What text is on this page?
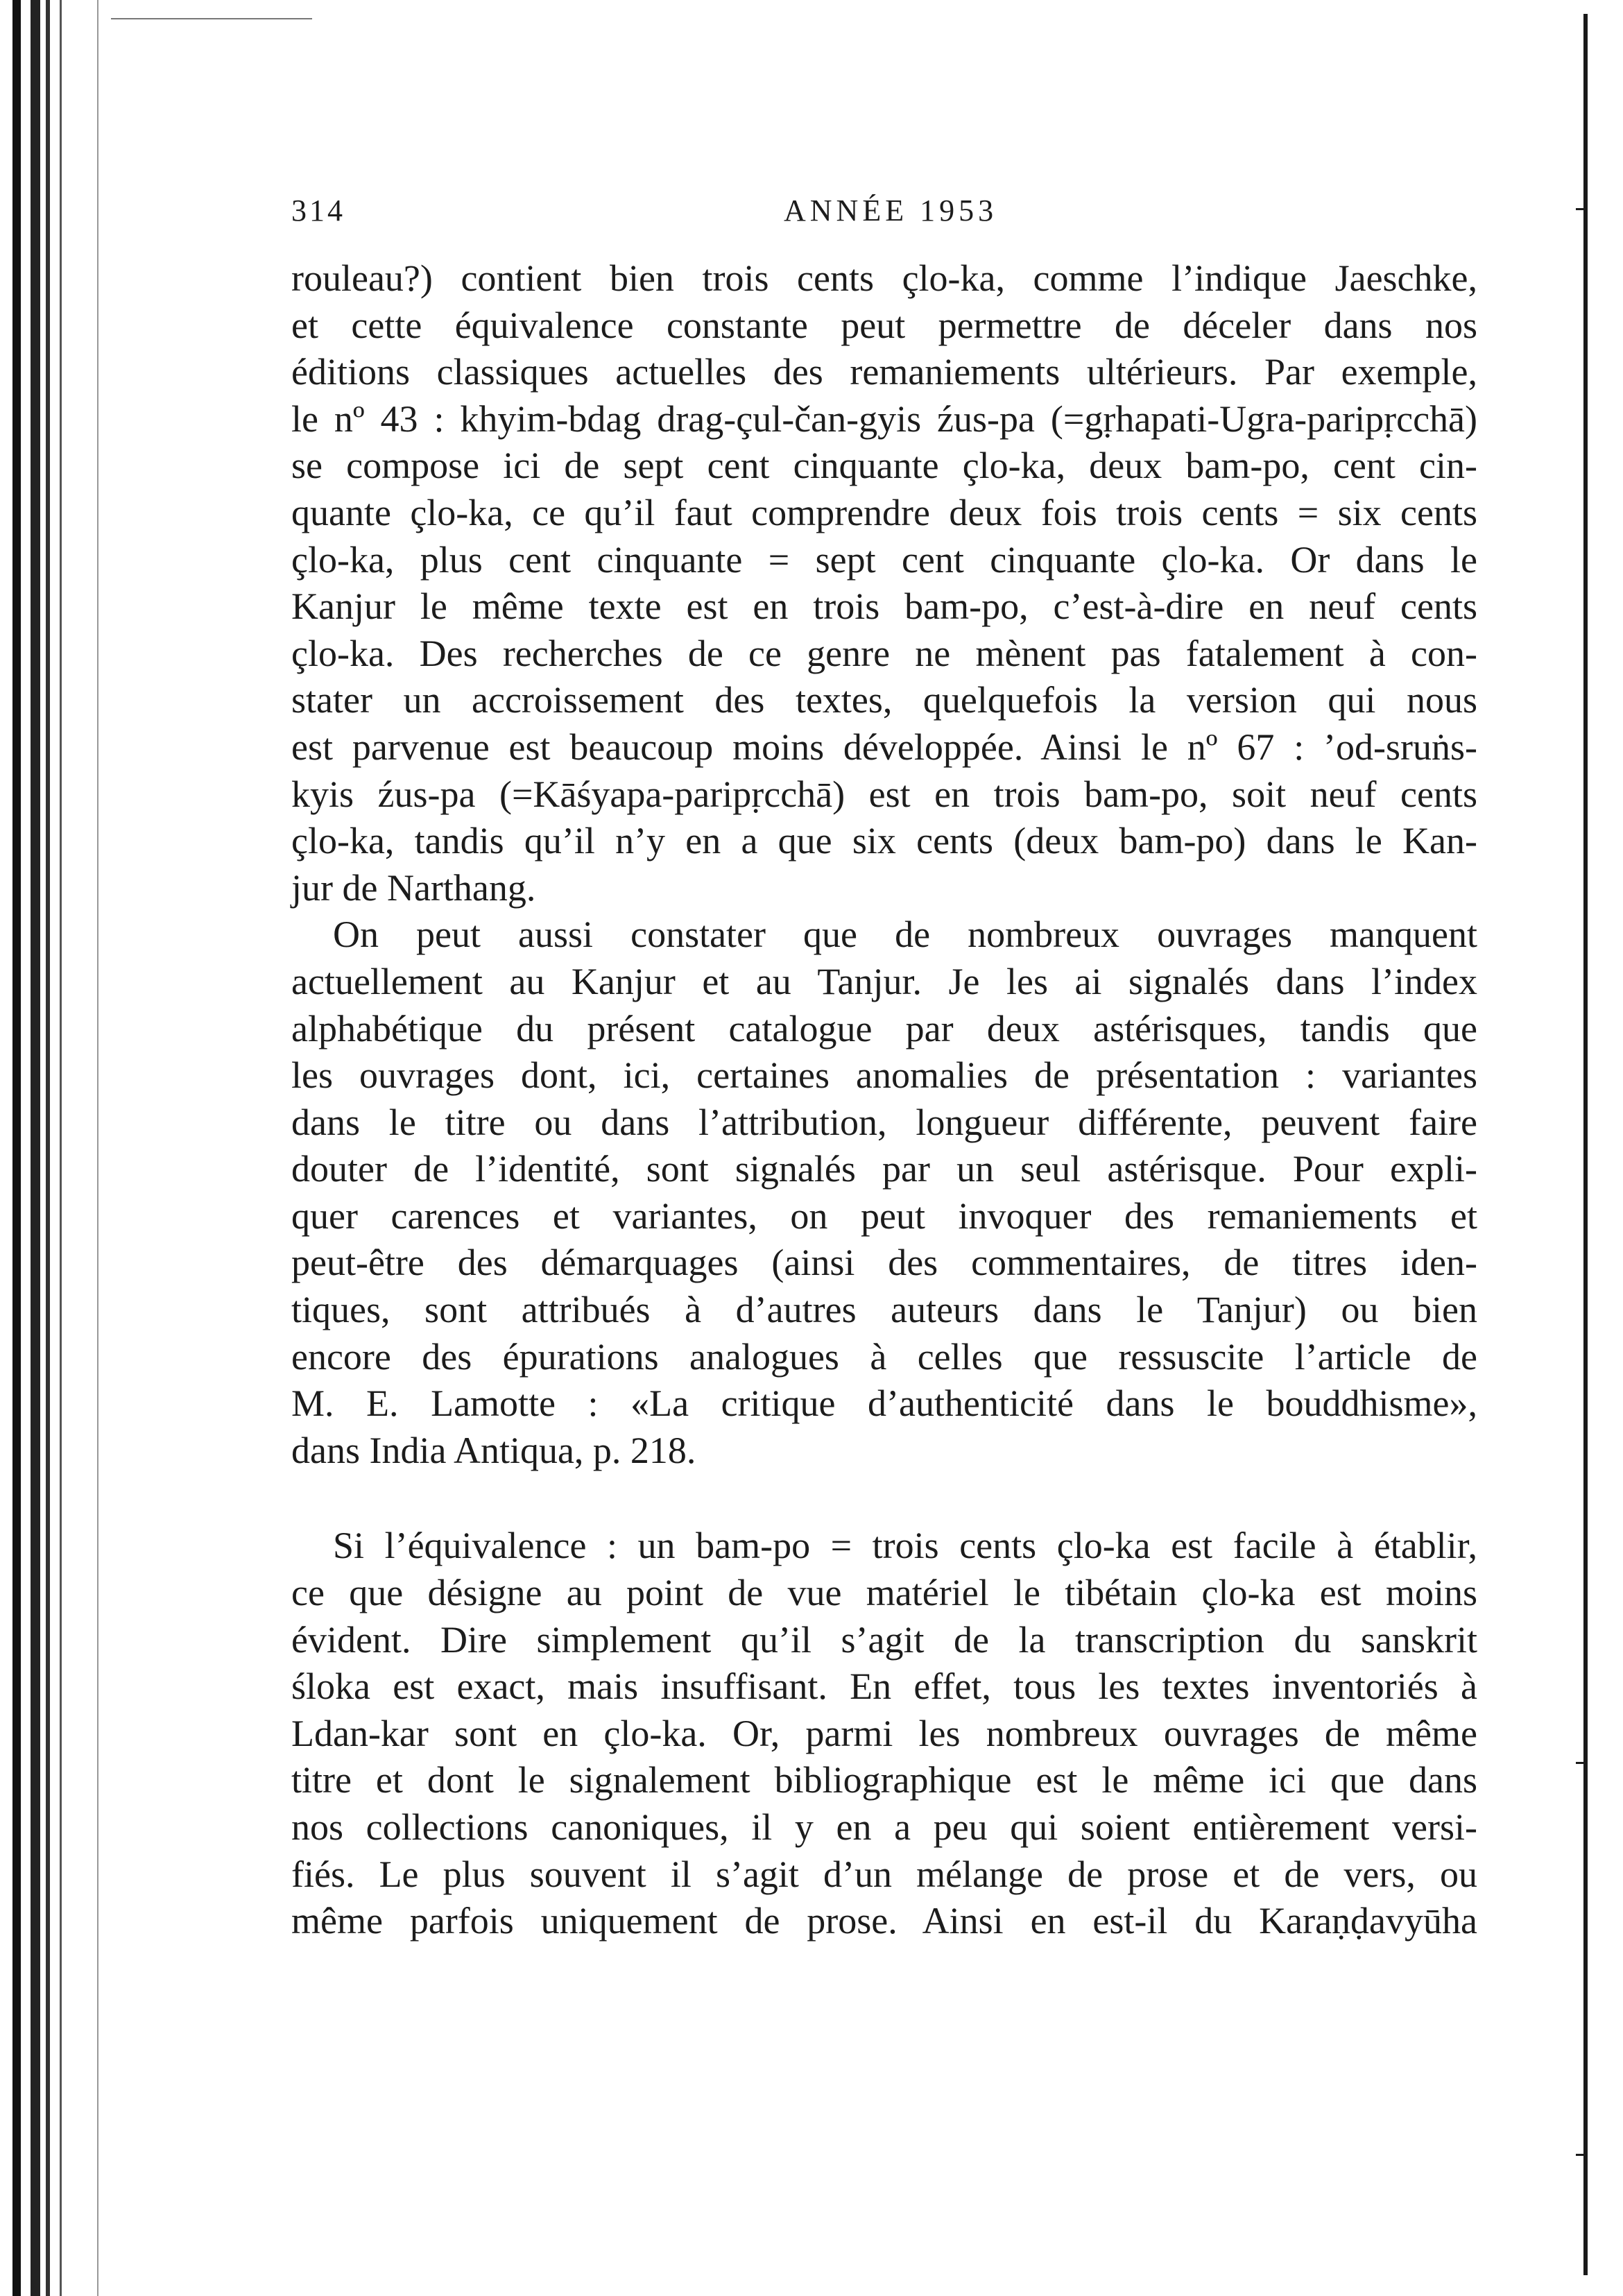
314	ANNÉE 1953
rouleau?) contient bien trois cents çlo-ka, comme l’indique Jaeschke,
et cette équivalence constante peut permettre de déceler dans nos
éditions classiques actuelles des remaniements ultérieurs. Par exemple,
le nº 43 : khyim-bdag drag-çul-čan-gyis źus-pa (=gṛhapati-Ugra-paripṛcchā)
se compose ici de sept cent cinquante çlo-ka, deux bam-po, cent cin-
quante çlo-ka, ce qu’il faut comprendre deux fois trois cents = six cents
çlo-ka, plus cent cinquante = sept cent cinquante çlo-ka. Or dans le
Kanjur le même texte est en trois bam-po, c’est-à-dire en neuf cents
çlo-ka. Des recherches de ce genre ne mènent pas fatalement à con-
stater un accroissement des textes, quelquefois la version qui nous
est parvenue est beaucoup moins développée. Ainsi le nº 67 : ’od-sruṅs-
kyis źus-pa (=Kāśyapa-paripṛcchā) est en trois bam-po, soit neuf cents
çlo-ka, tandis qu’il n’y en a que six cents (deux bam-po) dans le Kan-
jur de Narthang.
On peut aussi constater que de nombreux ouvrages manquent
actuellement au Kanjur et au Tanjur. Je les ai signalés dans l’index
alphabétique du présent catalogue par deux astérisques, tandis que
les ouvrages dont, ici, certaines anomalies de présentation : variantes
dans le titre ou dans l’attribution, longueur différente, peuvent faire
douter de l’identité, sont signalés par un seul astérisque. Pour expli-
quer carences et variantes, on peut invoquer des remaniements et
peut-être des démarquages (ainsi des commentaires, de titres iden-
tiques, sont attribués à d’autres auteurs dans le Tanjur) ou bien
encore des épurations analogues à celles que ressuscite l’article de
M. E. Lamotte : «La critique d’authenticité dans le bouddhisme»,
dans India Antiqua, p. 218.
Si l’équivalence : un bam-po = trois cents çlo-ka est facile à établir,
ce que désigne au point de vue matériel le tibétain çlo-ka est moins
évident. Dire simplement qu’il s’agit de la transcription du sanskrit
śloka est exact, mais insuffisant. En effet, tous les textes inventoriés à
Ldan-kar sont en çlo-ka. Or, parmi les nombreux ouvrages de même
titre et dont le signalement bibliographique est le même ici que dans
nos collections canoniques, il y en a peu qui soient entièrement versi-
fiés. Le plus souvent il s’agit d’un mélange de prose et de vers, ou
même parfois uniquement de prose. Ainsi en est-il du Karaṇḍavyūha
